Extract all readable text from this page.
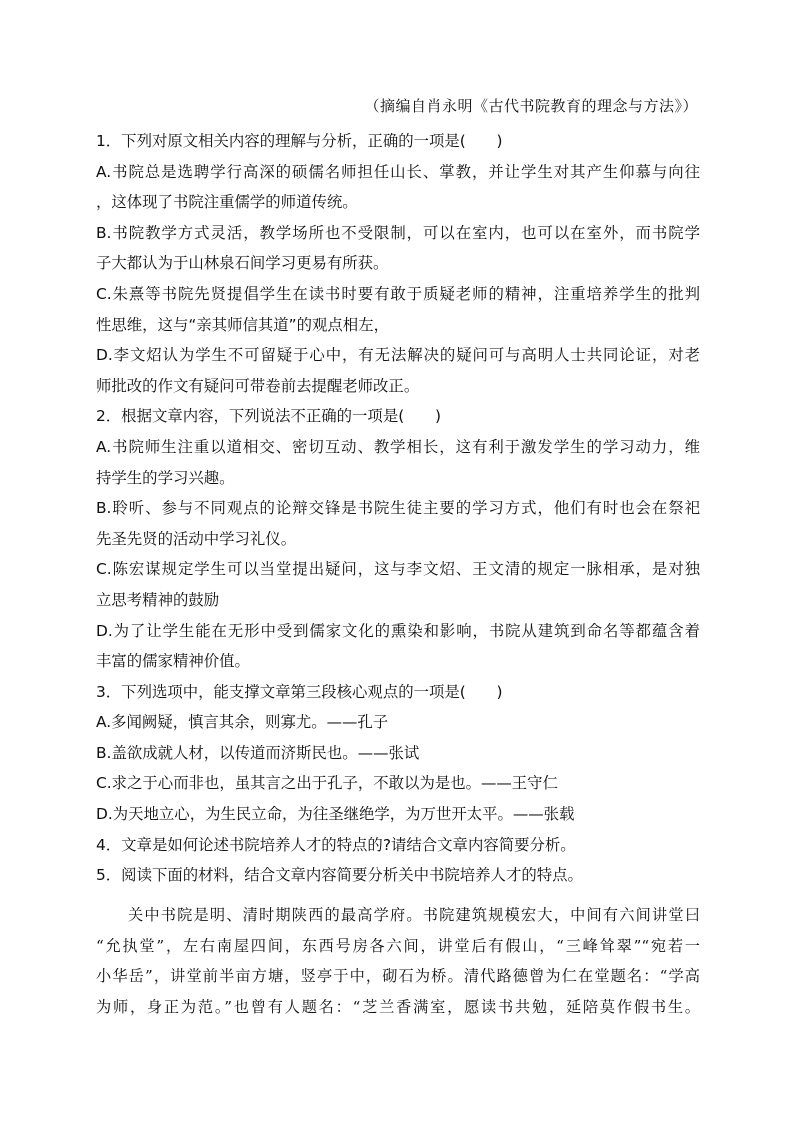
（摘编自肖永明《古代书院教育的理念与方法》）
1．下列对原文相关内容的理解与分析，正确的一项是(　　)
A.书院总是选聘学行高深的硕儒名师担任山长、掌教，并让学生对其产生仰慕与向往
，这体现了书院注重儒学的师道传统。
B.书院教学方式灵活，教学场所也不受限制，可以在室内，也可以在室外，而书院学
子大都认为于山林泉石间学习更易有所获。
C.朱熹等书院先贤提倡学生在读书时要有敢于质疑老师的精神，注重培养学生的批判
性思维，这与“亲其师信其道”的观点相左，
D.李文炤认为学生不可留疑于心中，有无法解决的疑问可与高明人士共同论证，对老
师批改的作文有疑问可带卷前去提醒老师改正。
2．根据文章内容，下列说法不正确的一项是(　　)
A.书院师生注重以道相交、密切互动、教学相长，这有利于激发学生的学习动力，维
持学生的学习兴趣。
B.聆听、参与不同观点的论辩交锋是书院生徒主要的学习方式，他们有时也会在祭祀
先圣先贤的活动中学习礼仪。
C.陈宏谋规定学生可以当堂提出疑问，这与李文炤、王文清的规定一脉相承，是对独
立思考精神的鼓励
D.为了让学生能在无形中受到儒家文化的熏染和影响，书院从建筑到命名等都蕴含着
丰富的儒家精神价值。
3．下列选项中，能支撑文章第三段核心观点的一项是(　　)
A.多闻阙疑，慎言其余，则寡尤。——孔子
B.盖欲成就人材，以传道而济斯民也。——张试
C.求之于心而非也，虽其言之出于孔子，不敢以为是也。——王守仁
D.为天地立心，为生民立命，为往圣继绝学，为万世开太平。——张载
4．文章是如何论述书院培养人才的特点的?请结合文章内容简要分析。
5．阅读下面的材料，结合文章内容简要分析关中书院培养人才的特点。
关中书院是明、清时期陕西的最高学府。书院建筑规模宏大，中间有六间讲堂曰
“允执堂”，左右南屋四间，东西号房各六间，讲堂后有假山，“三峰耸翠”“宛若一
小华岳”，讲堂前半亩方塘，竖亭于中，砌石为桥。清代路德曾为仁在堂题名：“学高
为师，身正为范。”也曾有人题名：“芝兰香满室，愿读书共勉，延陪莫作假书生。
